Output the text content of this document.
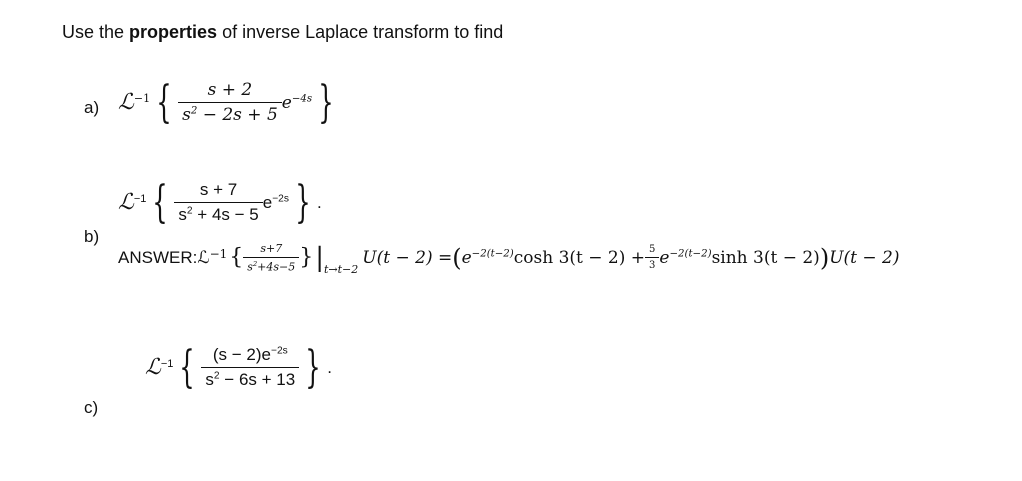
Use the properties of inverse Laplace transform to find
a) ℒ −1 { $\frac{s + 2}{s^2 - 2s + 5} e^{-4s}$ }
b)
ℒ −1 { $\frac{s + 7}{s^2 + 4s - 5} e^{-2s}$ } .
ANSWER: ℒ −1 { $\frac{s+7}{s^2+4s-5}$ } | t→t−2
U(t − 2) = ( $e^{-2(t-2)}$ $\cosh 3(t - 2) + \frac{5}{3} e^{-2(t-2)}$ sinh 3(t − 2) ) U(t − 2)
c)
ℒ −1 { $\frac{(s - 2)e^{-2s}}{s^2 - 6s + 13}$ } .
